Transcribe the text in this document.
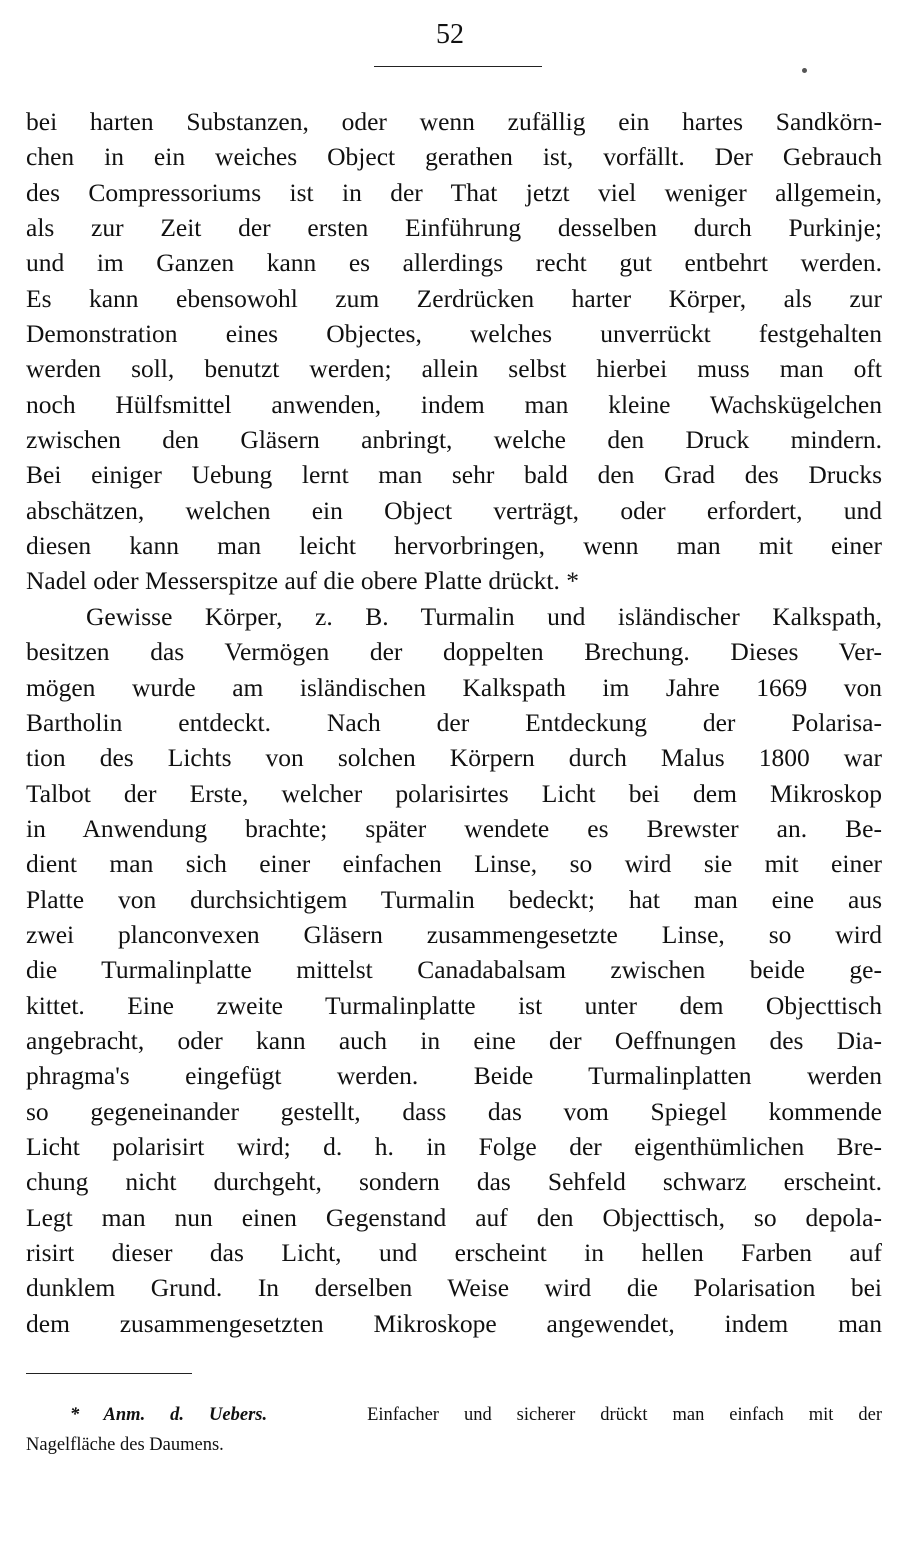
52
bei harten Substanzen, oder wenn zufällig ein hartes Sandkörn-
chen in ein weiches Object gerathen ist, vorfällt. Der Gebrauch
des Compressoriums ist in der That jetzt viel weniger allgemein,
als zur Zeit der ersten Einführung desselben durch Purkinje;
und im Ganzen kann es allerdings recht gut entbehrt werden.
Es kann ebensowohl zum Zerdrücken harter Körper, als zur
Demonstration eines Objectes, welches unverrückt festgehalten
werden soll, benutzt werden; allein selbst hierbei muss man oft
noch Hülfsmittel anwenden, indem man kleine Wachskügelchen
zwischen den Gläsern anbringt, welche den Druck mindern.
Bei einiger Uebung lernt man sehr bald den Grad des Drucks
abschätzen, welchen ein Object verträgt, oder erfordert, und
diesen kann man leicht hervorbringen, wenn man mit einer
Nadel oder Messerspitze auf die obere Platte drückt. *
Gewisse Körper, z. B. Turmalin und isländischer Kalkspath,
besitzen das Vermögen der doppelten Brechung. Dieses Ver-
mögen wurde am isländischen Kalkspath im Jahre 1669 von
Bartholin entdeckt. Nach der Entdeckung der Polarisa-
tion des Lichts von solchen Körpern durch Malus 1800 war
Talbot der Erste, welcher polarisirtes Licht bei dem Mikroskop
in Anwendung brachte; später wendete es Brewster an. Be-
dient man sich einer einfachen Linse, so wird sie mit einer
Platte von durchsichtigem Turmalin bedeckt; hat man eine aus
zwei planconvexen Gläsern zusammengesetzte Linse, so wird
die Turmalinplatte mittelst Canadabalsam zwischen beide ge-
kittet. Eine zweite Turmalinplatte ist unter dem Objecttisch
angebracht, oder kann auch in eine der Oeffnungen des Dia-
phragma's eingefügt werden. Beide Turmalinplatten werden
so gegeneinander gestellt, dass das vom Spiegel kommende
Licht polarisirt wird; d. h. in Folge der eigenthümlichen Bre-
chung nicht durchgeht, sondern das Sehfeld schwarz erscheint.
Legt man nun einen Gegenstand auf den Objecttisch, so depola-
risirt dieser das Licht, und erscheint in hellen Farben auf
dunklem Grund. In derselben Weise wird die Polarisation bei
dem zusammengesetzten Mikroskope angewendet, indem man
* Anm. d. Uebers.	Einfacher und sicherer drückt man einfach mit der
Nagelfläche des Daumens.
